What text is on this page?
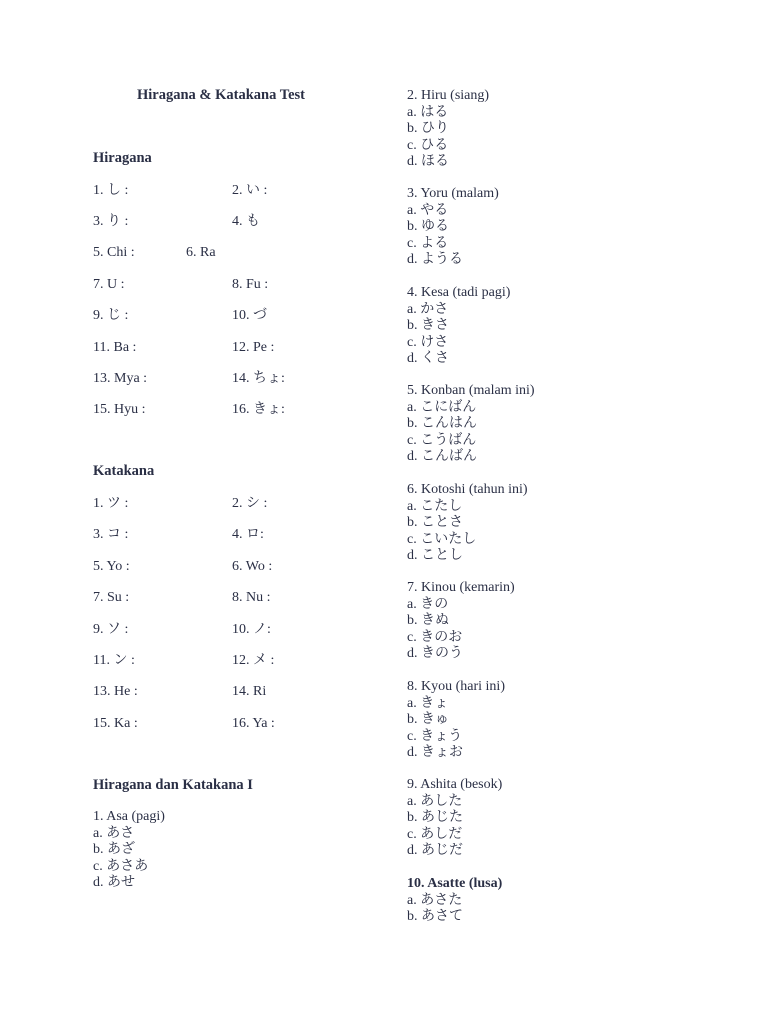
Hiragana & Katakana Test
Hiragana
1. し :	2. い :
3. り :	4. も
5. Chi :	6. Ra
7. U :	8. Fu :
9. じ :	10. づ
11. Ba :	12. Pe :
13. Mya :	14. ちょ:
15. Hyu :	16. きょ:
Katakana
1. ツ :	2. シ :
3. コ :	4. ロ:
5. Yo :	6. Wo :
7. Su :	8. Nu :
9. ソ :	10. ノ:
11. ン :	12. メ :
13. He :	14. Ri
15. Ka :	16. Ya :
Hiragana dan Katakana I
1. Asa (pagi)
a. あさ
b. あざ
c. あさあ
d. あせ
2. Hiru (siang)
a. はる
b. ひり
c. ひる
d. ほる
3. Yoru (malam)
a. やる
b. ゆる
c. よる
d. ようる
4. Kesa (tadi pagi)
a. かさ
b. きさ
c. けさ
d. くさ
5. Konban (malam ini)
a. こにばん
b. こんはん
c. こうばん
d. こんばん
6. Kotoshi (tahun ini)
a. こたし
b. ことさ
c. こいたし
d. ことし
7. Kinou (kemarin)
a. きの
b. きぬ
c. きのお
d. きのう
8. Kyou (hari ini)
a. きょ
b. きゅ
c. きょう
d. きょお
9. Ashita (besok)
a. あした
b. あじた
c. あしだ
d. あじだ
10. Asatte (lusa)
a. あさた
b. あさて
